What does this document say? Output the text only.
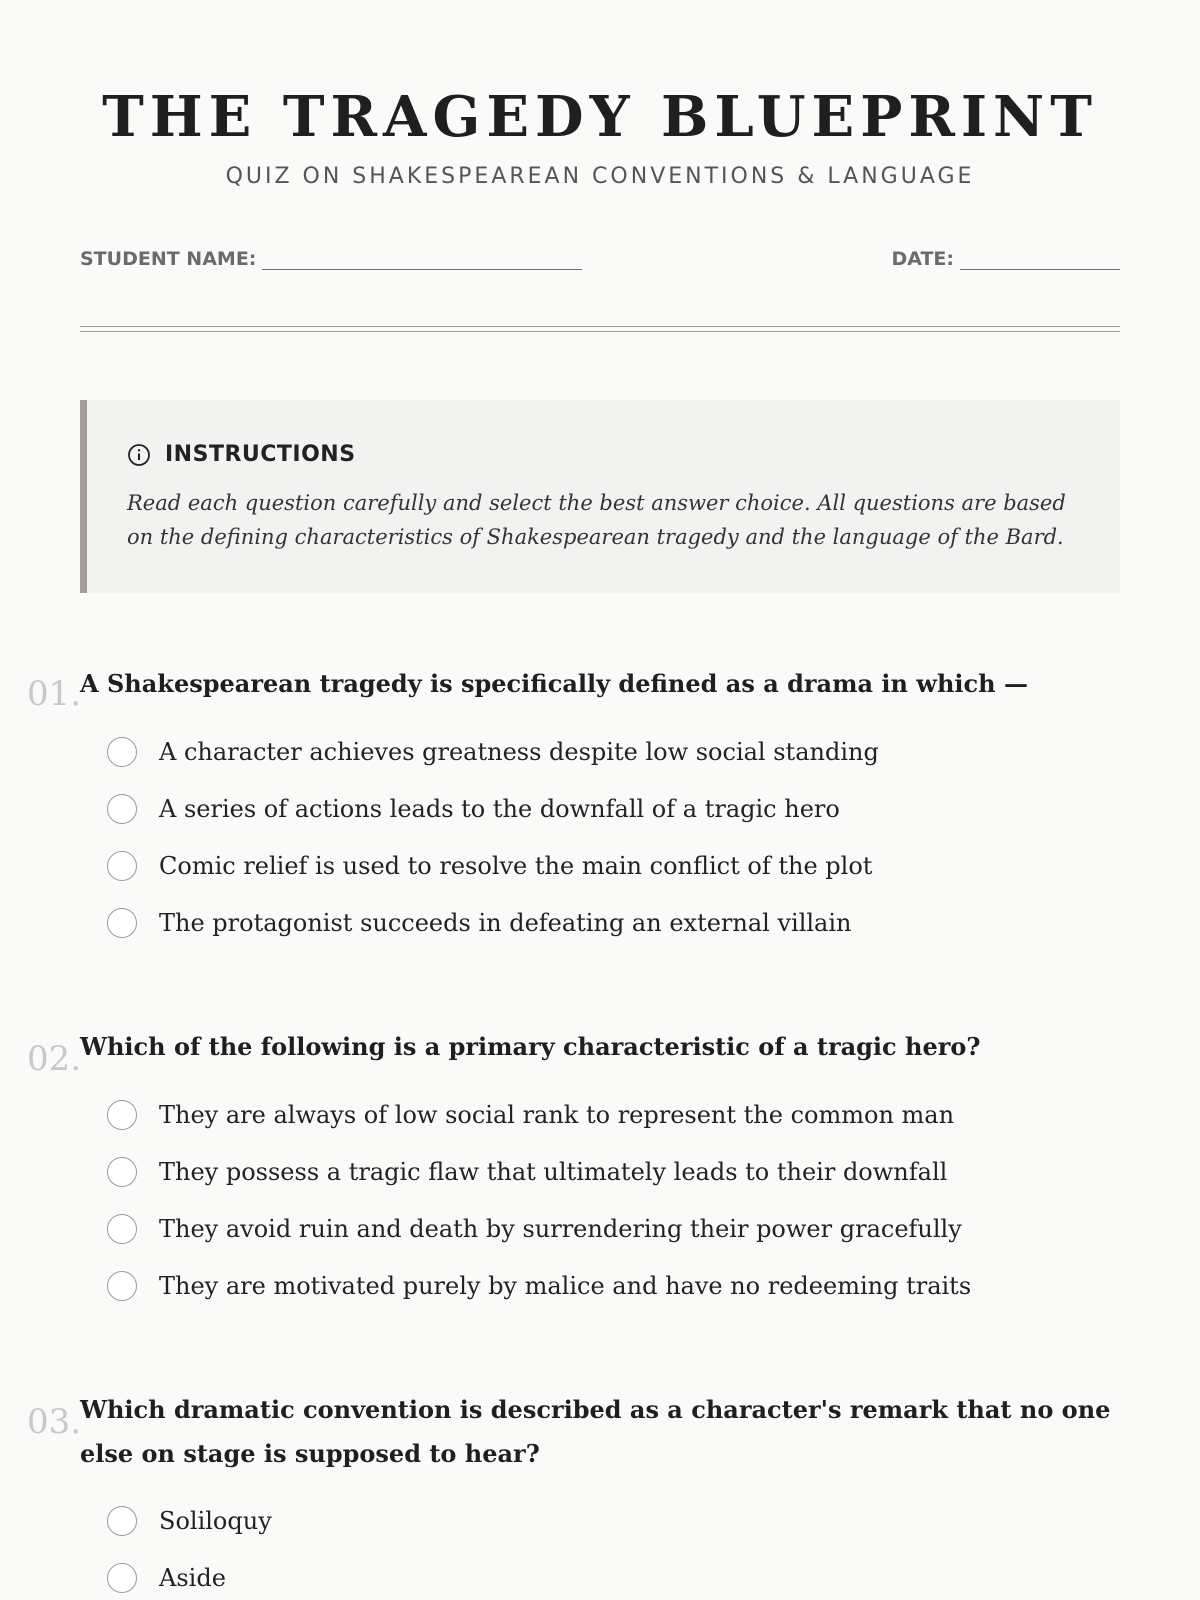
THE TRAGEDY BLUEPRINT
QUIZ ON SHAKESPEAREAN CONVENTIONS & LANGUAGE
STUDENT NAME:	DATE:
INSTRUCTIONS
Read each question carefully and select the best answer choice. All questions are based on the defining characteristics of Shakespearean tragedy and the language of the Bard.
01.
A Shakespearean tragedy is specifically defined as a drama in which —
A character achieves greatness despite low social standing
A series of actions leads to the downfall of a tragic hero
Comic relief is used to resolve the main conflict of the plot
The protagonist succeeds in defeating an external villain
02.
Which of the following is a primary characteristic of a tragic hero?
They are always of low social rank to represent the common man
They possess a tragic flaw that ultimately leads to their downfall
They avoid ruin and death by surrendering their power gracefully
They are motivated purely by malice and have no redeeming traits
03.
Which dramatic convention is described as a character's remark that no one else on stage is supposed to hear?
Soliloquy
Aside
